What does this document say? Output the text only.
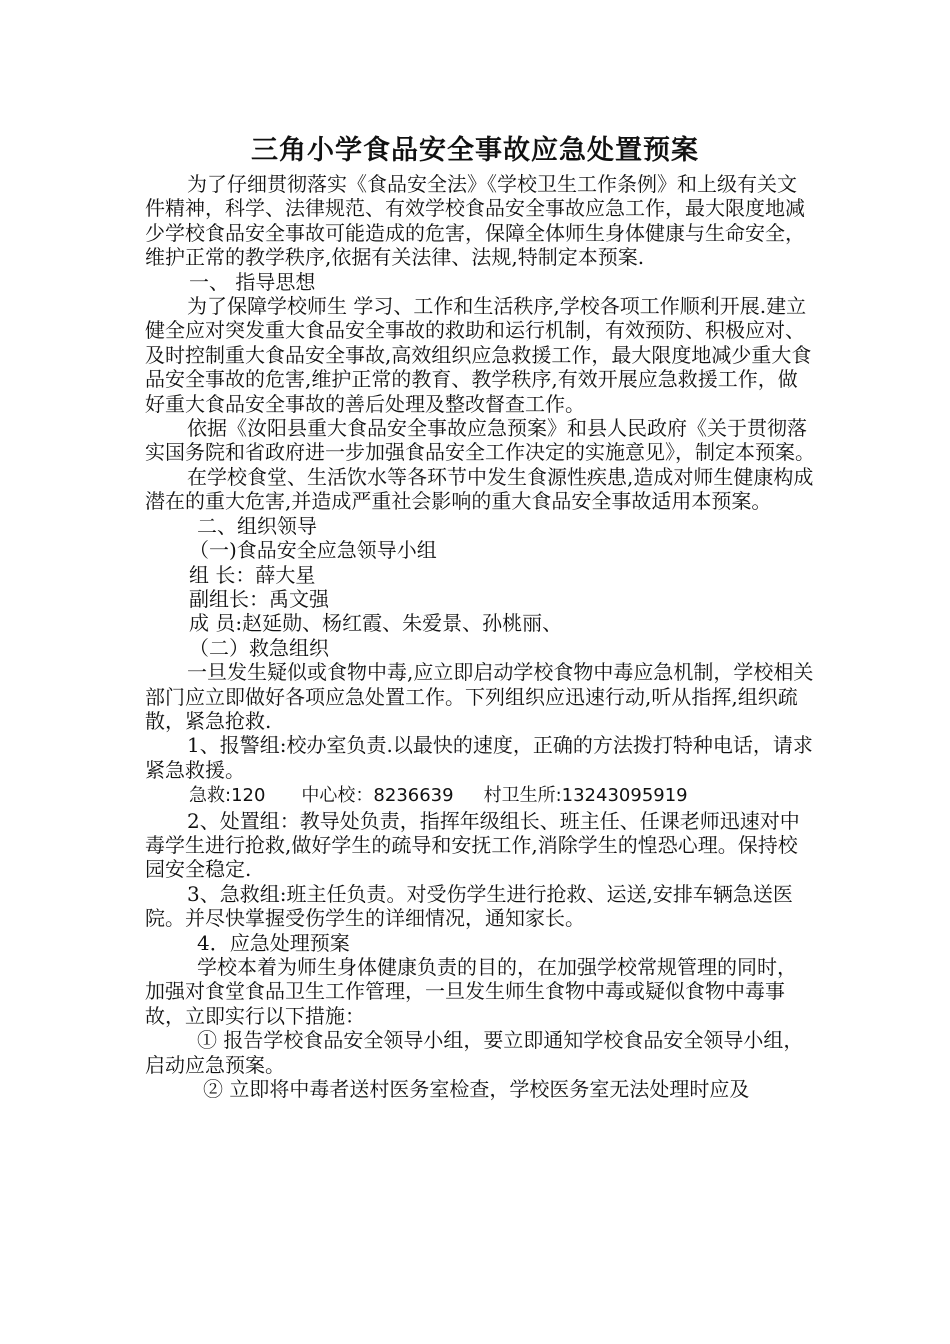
三角小学食品安全事故应急处置预案

为了仔细贯彻落实《食品安全法》《学校卫生工作条例》和上级有关文件精神，科学、法律规范、有效学校食品安全事故应急工作，最大限度地减少学校食品安全事故可能造成的危害，保障全体师生身体健康与生命安全，维护正常的教学秩序,依据有关法律、法规,特制定本预案.

一、 指导思想

为了保障学校师生 学习、工作和生活秩序,学校各项工作顺利开展.建立健全应对突发重大食品安全事故的救助和运行机制，有效预防、积极应对、及时控制重大食品安全事故,高效组织应急救援工作，最大限度地减少重大食品安全事故的危害,维护正常的教育、教学秩序,有效开展应急救援工作，做好重大食品安全事故的善后处理及整改督查工作。

依据《汝阳县重大食品安全事故应急预案》和县人民政府《关于贯彻落实国务院和省政府进一步加强食品安全工作决定的实施意见》，制定本预案。

在学校食堂、生活饮水等各环节中发生食源性疾患,造成对师生健康构成潜在的重大危害,并造成严重社会影响的重大食品安全事故适用本预案。

二、组织领导

（一)食品安全应急领导小组

组 长：薛大星

副组长：禹文强

成 员:赵延勋、杨红霞、朱爱景、孙桃丽、

（二）救急组织

一旦发生疑似或食物中毒,应立即启动学校食物中毒应急机制，学校相关部门应立即做好各项应急处置工作。下列组织应迅速行动,听从指挥,组织疏散，紧急抢救.

1、报警组:校办室负责.以最快的速度，正确的方法拨打特种电话，请求紧急救援。

急救:120 中心校：8236639 村卫生所:13243095919

2、处置组：教导处负责，指挥年级组长、班主任、任课老师迅速对中毒学生进行抢救,做好学生的疏导和安抚工作,消除学生的惶恐心理。保持校园安全稳定.

3、急救组:班主任负责。对受伤学生进行抢救、运送,安排车辆急送医院。并尽快掌握受伤学生的详细情况，通知家长。

4．应急处理预案

学校本着为师生身体健康负责的目的，在加强学校常规管理的同时，加强对食堂食品卫生工作管理，一旦发生师生食物中毒或疑似食物中毒事故，立即实行以下措施：

① 报告学校食品安全领导小组，要立即通知学校食品安全领导小组，启动应急预案。

② 立即将中毒者送村医务室检查，学校医务室无法处理时应及
